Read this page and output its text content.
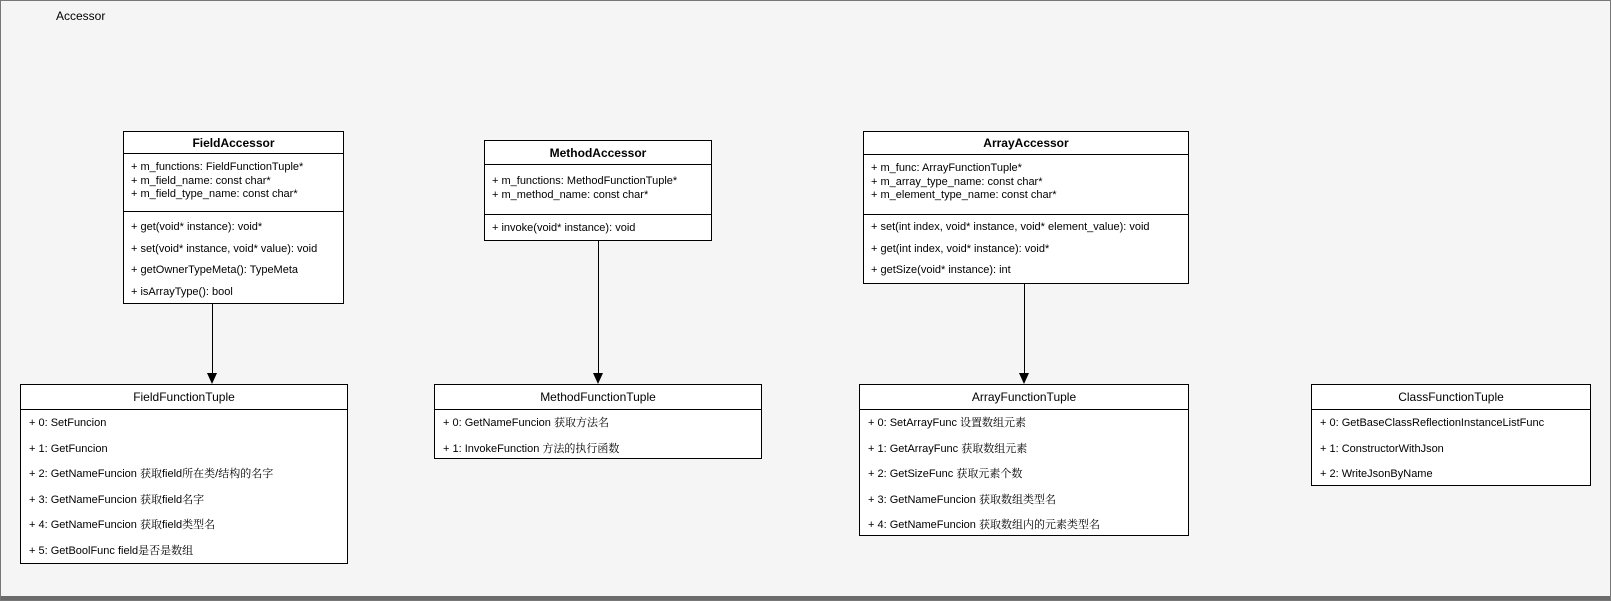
Accessor
FieldAccessor
+ m_functions: FieldFunctionTuple*
+ m_field_name: const char*
+ m_field_type_name: const char*
+ get(void* instance): void*
+ set(void* instance, void* value): void
+ getOwnerTypeMeta(): TypeMeta
+ isArrayType(): bool
MethodAccessor
+ m_functions: MethodFunctionTuple*
+ m_method_name: const char*
+ invoke(void* instance): void
ArrayAccessor
+ m_func: ArrayFunctionTuple*
+ m_array_type_name: const char*
+ m_element_type_name: const char*
+ set(int index, void* instance, void* element_value): void
+ get(int index, void* instance): void*
+ getSize(void* instance): int
FieldFunctionTuple
+ 0: SetFuncion
+ 1: GetFuncion
+ 2: GetNameFuncion 获取field所在类/结构的名字
+ 3: GetNameFuncion 获取field名字
+ 4: GetNameFuncion 获取field类型名
+ 5: GetBoolFunc field是否是数组
MethodFunctionTuple
+ 0: GetNameFuncion 获取方法名
+ 1: InvokeFunction 方法的执行函数
ArrayFunctionTuple
+ 0: SetArrayFunc 设置数组元素
+ 1: GetArrayFunc 获取数组元素
+ 2: GetSizeFunc 获取元素个数
+ 3: GetNameFuncion 获取数组类型名
+ 4: GetNameFuncion 获取数组内的元素类型名
ClassFunctionTuple
+ 0: GetBaseClassReflectionInstanceListFunc
+ 1: ConstructorWithJson
+ 2: WriteJsonByName
